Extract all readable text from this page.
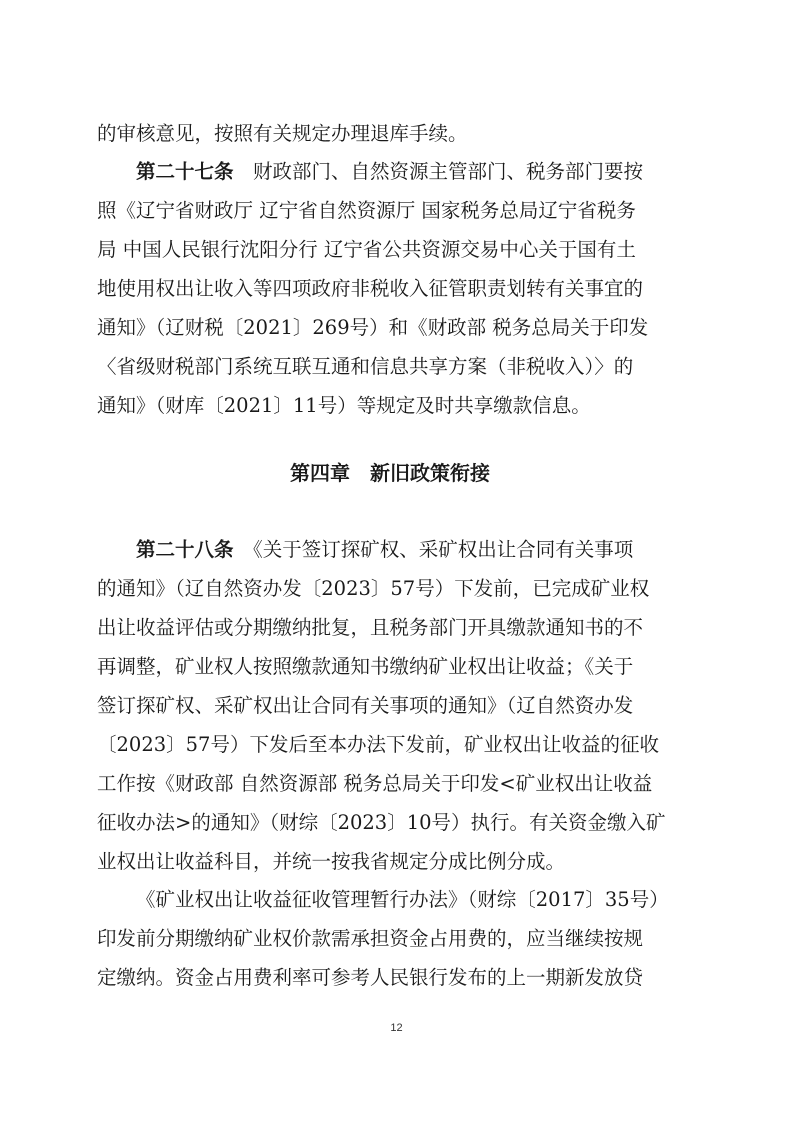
的审核意见，按照有关规定办理退库手续。
第二十七条　财政部门、自然资源主管部门、税务部门要按
照《辽宁省财政厅 辽宁省自然资源厅 国家税务总局辽宁省税务
局 中国人民银行沈阳分行 辽宁省公共资源交易中心关于国有土
地使用权出让收入等四项政府非税收入征管职责划转有关事宜的
通知》（辽财税〔2021〕269号）和《财政部 税务总局关于印发
〈省级财税部门系统互联互通和信息共享方案（非税收入）〉的
通知》（财库〔2021〕11号）等规定及时共享缴款信息。
第四章　新旧政策衔接
第二十八条　《关于签订探矿权、采矿权出让合同有关事项
的通知》（辽自然资办发〔2023〕57号）下发前，已完成矿业权
出让收益评估或分期缴纳批复，且税务部门开具缴款通知书的不
再调整，矿业权人按照缴款通知书缴纳矿业权出让收益；《关于
签订探矿权、采矿权出让合同有关事项的通知》（辽自然资办发
〔2023〕57号）下发后至本办法下发前，矿业权出让收益的征收
工作按《财政部 自然资源部 税务总局关于印发<矿业权出让收益
征收办法>的通知》（财综〔2023〕10号）执行。有关资金缴入矿
业权出让收益科目，并统一按我省规定分成比例分成。
《矿业权出让收益征收管理暂行办法》（财综〔2017〕35号）
印发前分期缴纳矿业权价款需承担资金占用费的，应当继续按规
定缴纳。资金占用费利率可参考人民银行发布的上一期新发放贷
12
